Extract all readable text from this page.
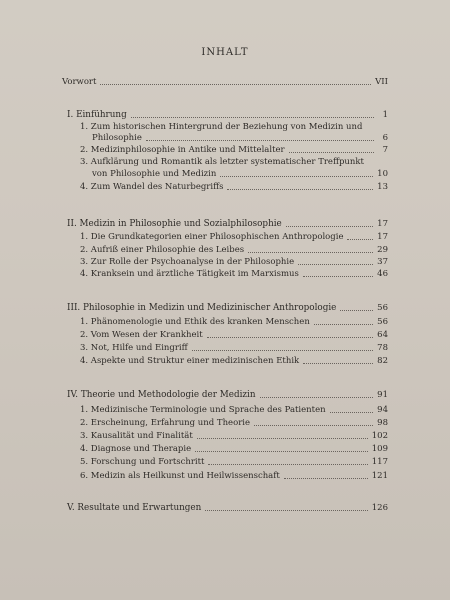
INHALT
Vorwort	VII
I. Einführung	1
1. Zum historischen Hintergrund der Beziehung von Medizin und
Philosophie	6
2. Medizinphilosophie in Antike und Mittelalter	7
3. Aufklärung und Romantik als letzter systematischer Treffpunkt
von Philosophie und Medizin	10
4. Zum Wandel des Naturbegriffs	13
II. Medizin in Philosophie und Sozialphilosophie	17
1. Die Grundkategorien einer Philosophischen Anthropologie	17
2. Aufriß einer Philosophie des Leibes	29
3. Zur Rolle der Psychoanalyse in der Philosophie	37
4. Kranksein und ärztliche Tätigkeit im Marxismus	46
III. Philosophie in Medizin und Medizinischer Anthropologie	56
1. Phänomenologie und Ethik des kranken Menschen	56
2. Vom Wesen der Krankheit	64
3. Not, Hilfe und Eingriff	78
4. Aspekte und Struktur einer medizinischen Ethik	82
IV. Theorie und Methodologie der Medizin	91
1. Medizinische Terminologie und Sprache des Patienten	94
2. Erscheinung, Erfahrung und Theorie	98
3. Kausalität und Finalität	102
4. Diagnose und Therapie	109
5. Forschung und Fortschritt	117
6. Medizin als Heilkunst und Heilwissenschaft	121
V. Resultate und Erwartungen	126
